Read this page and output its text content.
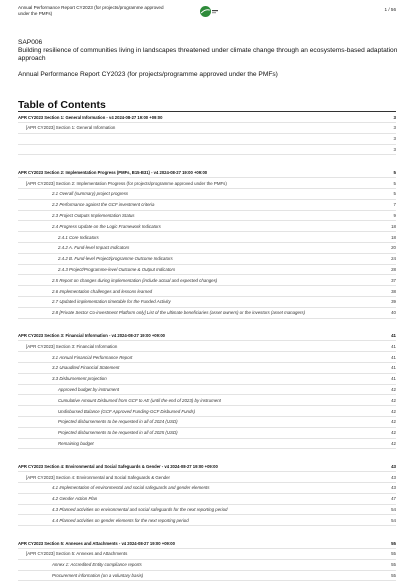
Annual Performance Report CY2023 (for projects/programme approved under the PMFs)
1 / 56
SAP006
Building resilience of communities living in landscapes threatened under climate change through an ecosystems-based adaptation approach
Annual Performance Report CY2023 (for projects/programme approved under the PMFs)
Table of Contents
APR CY2023 Section 1: General Information - v4 2024-08-27 19:00 +09:00	3
[APR CY2023] Section 1: General Information	3
3
3
APR CY2023 Section 2: Implementation Progress (PMFs, B15-B31) - v4 2024-08-27 19:00 +09:00	5
[APR CY2023] Section 2: Implementation Progress (for projects/programme approved under the PMFs)	5
2.1 Overall (summary) project progress	5
2.2 Performance against the GCF investment criteria	7
2.3 Project Outputs Implementation Status	9
2.4 Progress Update on the Logic Framework Indicators	18
2.4.1 Core Indicators	18
2.4.2 A. Fund-level Impact Indicators	20
2.4.2 B. Fund-level Project/programme Outcome Indicators	24
2.4.3 Project/Programme-level Outcome & Output Indicators	28
2.5 Report on changes during implementation (include actual and expected changes)	37
2.6 Implementation challenges and lessons learned	38
2.7 Updated implementation timetable for the Funded Activity	39
2.8 [Private Sector Co-investment Platform only] List of the ultimate beneficiaries (asset owners) or the investors (asset managers)	40
APR CY2023 Section 3: Financial Information - v4 2024-08-27 19:00 +09:00	41
[APR CY2023] Section 3: Financial Information	41
3.1 Annual Financial Performance Report	41
3.2 Unaudited Financial Statement	41
3.3 Disbursement projection	41
Approved budget by instrument	42
Cumulative Amount Disbursed from GCF to AE (until the end of 2023) by instrument	42
Undisbursed Balance (GCF Approved Funding-GCF Disbursed Funds)	42
Projected disbursements to be requested in all of 2024 (USD)	42
Projected disbursements to be requested in all of 2025 (USD)	42
Remaining budget	42
APR CY2023 Section 4: Environmental and Social Safeguards & Gender - v4 2024-08-27 19:00 +09:00	43
[APR CY2023] Section 4: Environmental and Social Safeguards & Gender	43
4.1 Implementation of environmental and social safeguards and gender elements	43
4.2 Gender Action Plan	47
4.3 Planned activities on environmental and social safeguards for the next reporting period	54
4.4 Planned activities on gender elements for the next reporting period	54
APR CY2023 Section 5: Annexes and Attachments - v4 2024-08-27 19:00 +09:00	55
[APR CY2023] Section 5: Annexes and Attachments	55
Annex 1: Accredited Entity compliance reports	55
Procurement information (on a voluntary basis)	55
